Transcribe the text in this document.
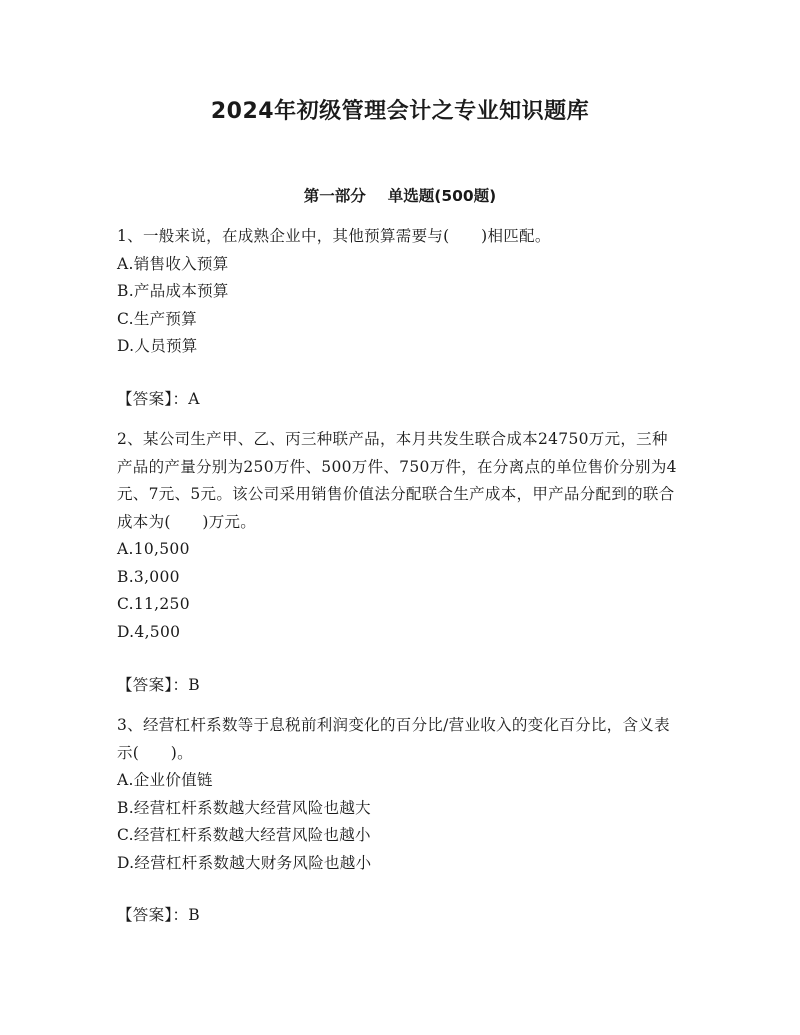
2024年初级管理会计之专业知识题库
第一部分 单选题(500题)
1、一般来说，在成熟企业中，其他预算需要与(　　)相匹配。
A.销售收入预算
B.产品成本预算
C.生产预算
D.人员预算
【答案】：A
2、某公司生产甲、乙、丙三种联产品，本月共发生联合成本24750万元，三种产品的产量分别为250万件、500万件、750万件，在分离点的单位售价分别为4元、7元、5元。该公司采用销售价值法分配联合生产成本，甲产品分配到的联合成本为(　　)万元。
A.10,500
B.3,000
C.11,250
D.4,500
【答案】：B
3、经营杠杆系数等于息税前利润变化的百分比/营业收入的变化百分比，含义表示(　　)。
A.企业价值链
B.经营杠杆系数越大经营风险也越大
C.经营杠杆系数越大经营风险也越小
D.经营杠杆系数越大财务风险也越小
【答案】：B
